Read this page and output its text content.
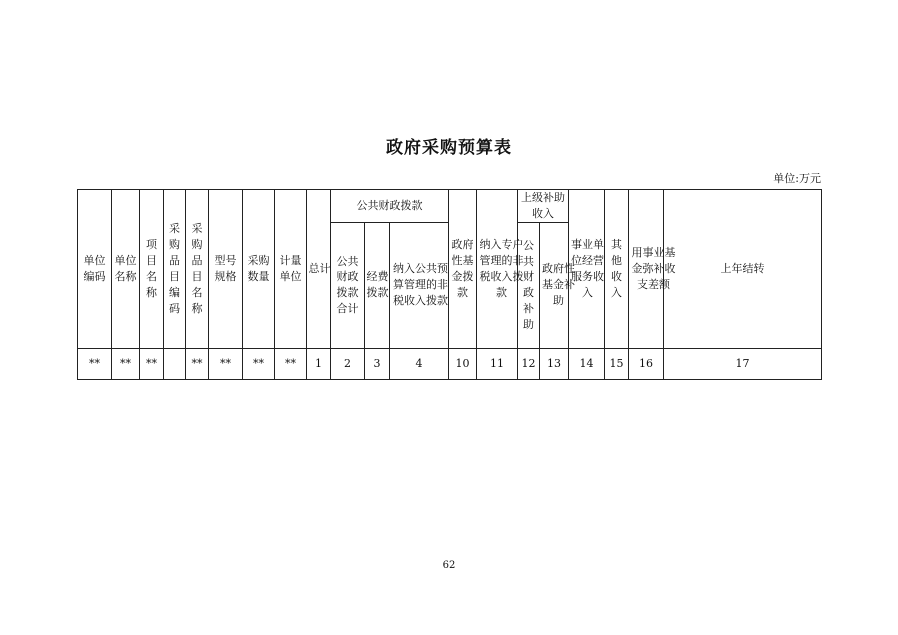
政府采购预算表
单位:万元
单位编码	单位名称	项目名称	采购品目编码	采购品目名称	型号规格	采购数量	计量单位	总计	公共财政拨款			政府性基金拨款	纳入专户管理的非税收入拨款	上级补助收入		事业单位经营服务收入	其他收入	用事业基金弥补收支差额	上年结转
									公共财政拨款合计	经费拨款	纳入公共预算管理的非税收入拨款			公共财政补助	政府性基金补助				
**	**	**		**	**	**	**	1	2	3	4	10	11	12	13	14	15	16	17
62
